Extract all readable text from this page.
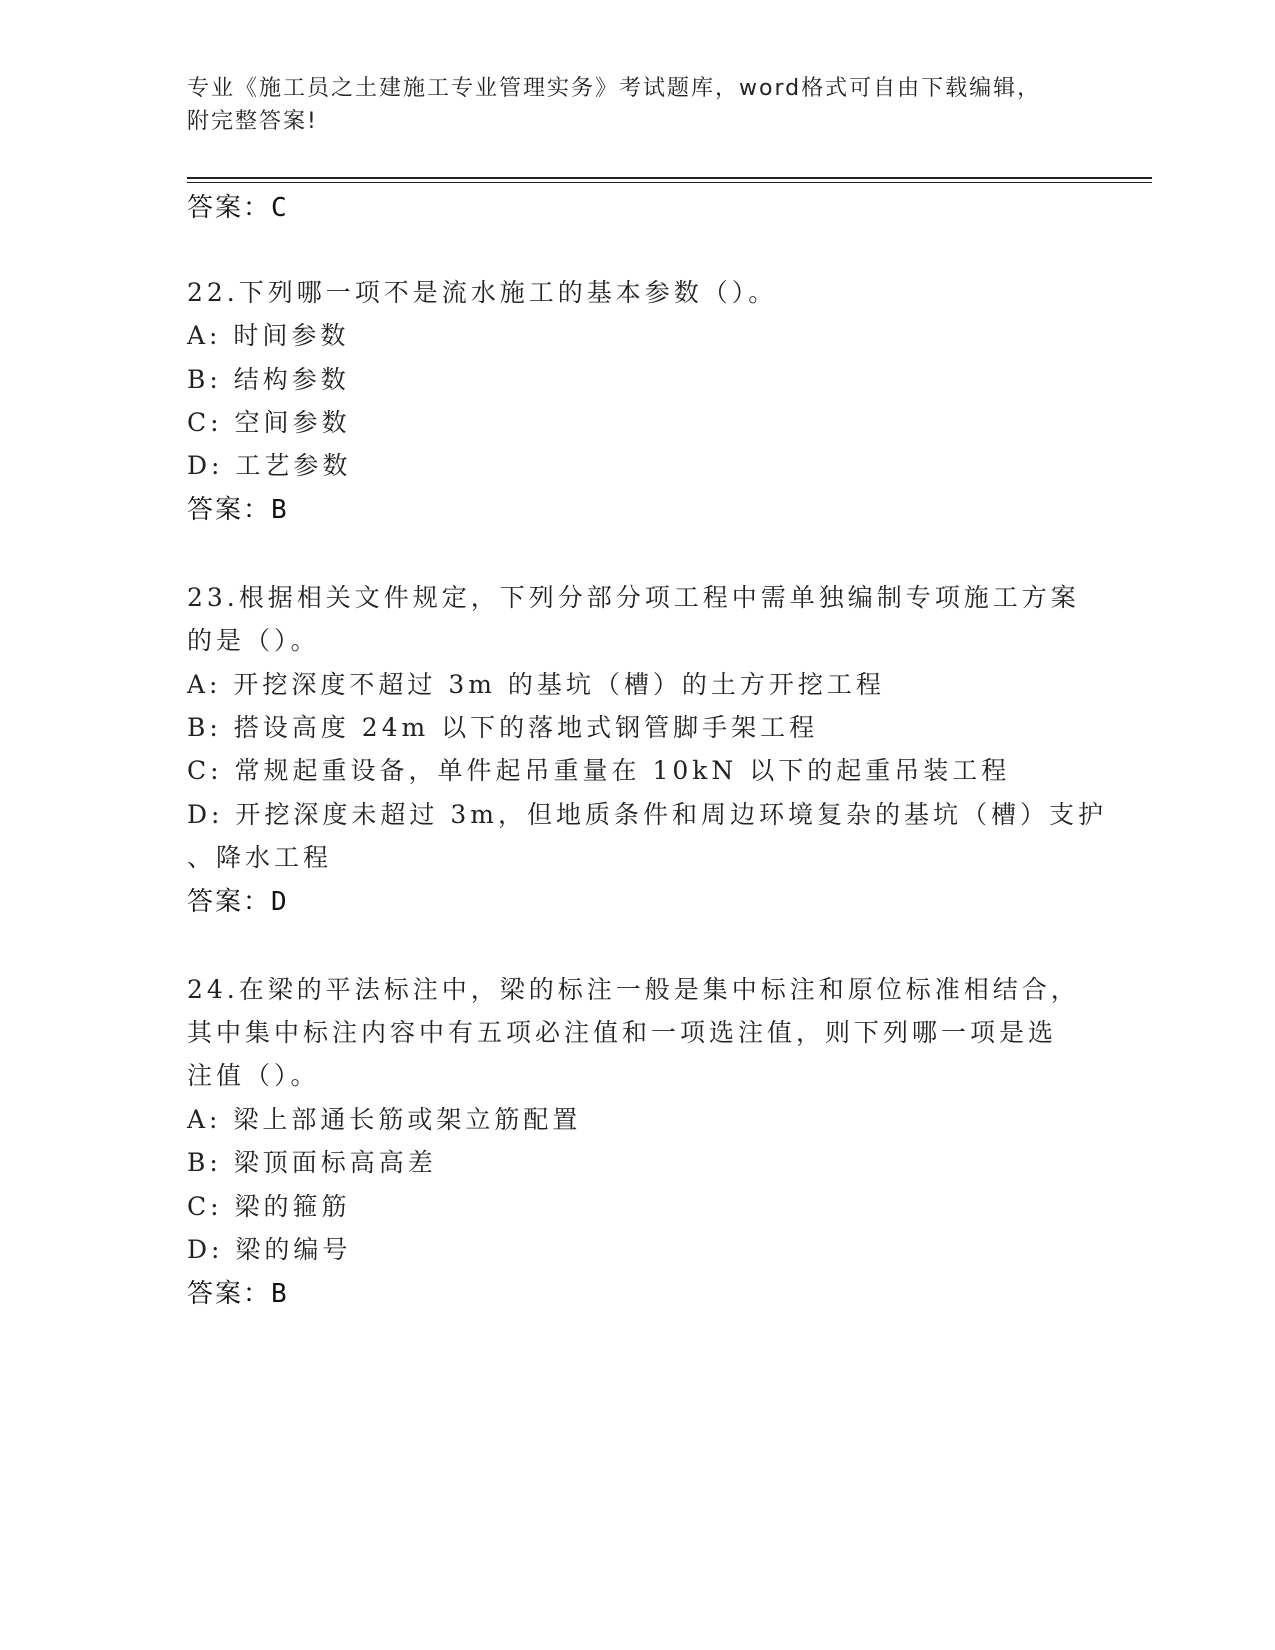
专业《施工员之土建施工专业管理实务》考试题库，word格式可自由下载编辑，
附完整答案!
答案：C
22.下列哪一项不是流水施工的基本参数（）。
A: 时间参数
B: 结构参数
C: 空间参数
D: 工艺参数
答案：B
23.根据相关文件规定，下列分部分项工程中需单独编制专项施工方案
的是（）。
A: 开挖深度不超过 3m 的基坑（槽）的土方开挖工程
B: 搭设高度 24m 以下的落地式钢管脚手架工程
C: 常规起重设备，单件起吊重量在 10kN 以下的起重吊装工程
D: 开挖深度未超过 3m，但地质条件和周边环境复杂的基坑（槽）支护
、降水工程
答案：D
24.在梁的平法标注中，梁的标注一般是集中标注和原位标准相结合，
其中集中标注内容中有五项必注值和一项选注值，则下列哪一项是选
注值（）。
A: 梁上部通长筋或架立筋配置
B: 梁顶面标高高差
C: 梁的箍筋
D: 梁的编号
答案：B
